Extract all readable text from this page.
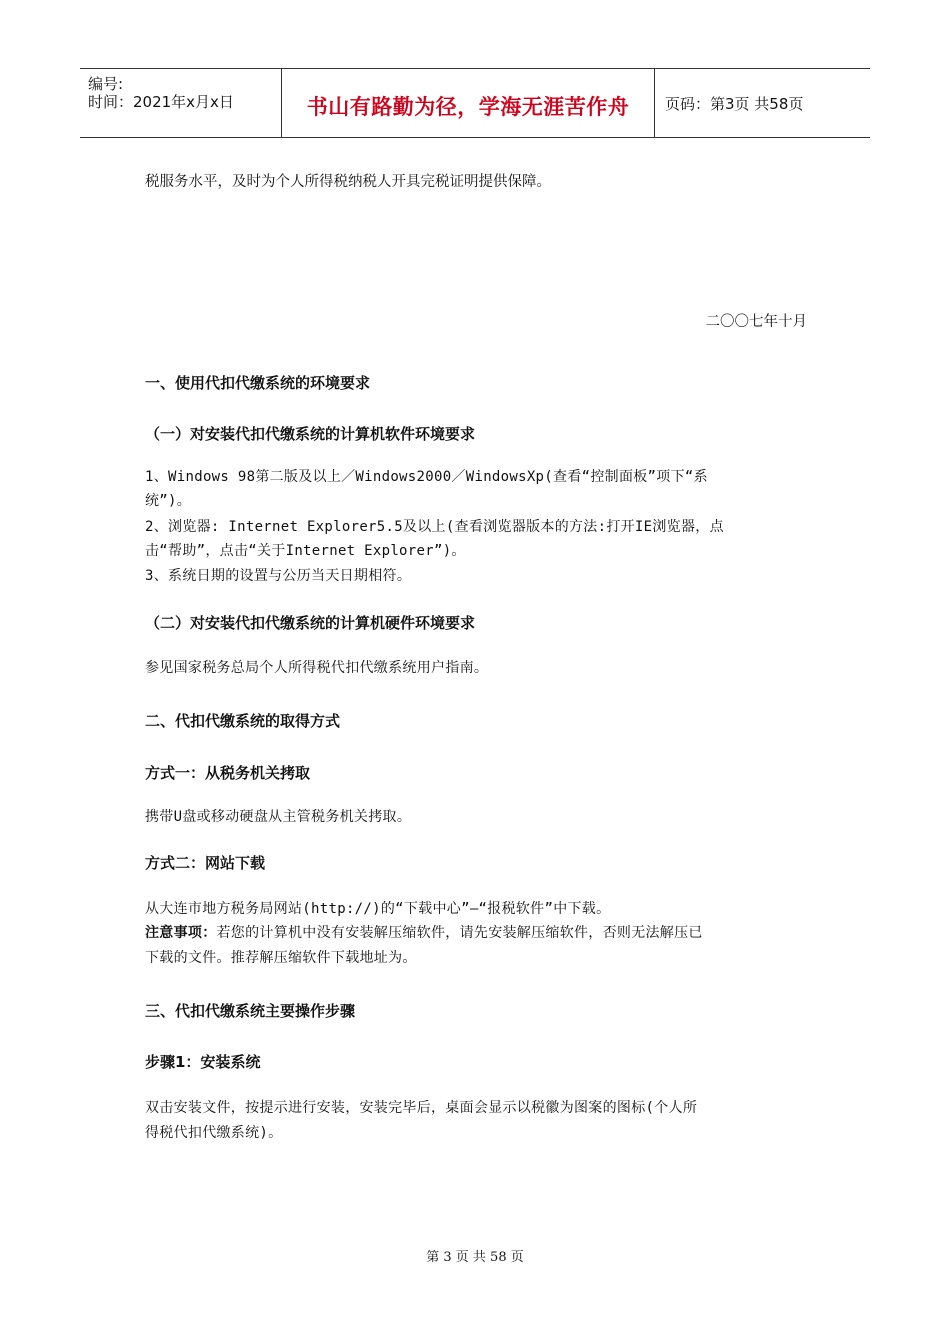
编号:
时间：2021年x月x日	书山有路勤为径，学海无涯苦作舟	页码：第3页 共58页

税服务水平，及时为个人所得税纳税人开具完税证明提供保障。

二〇〇七年十月

一、使用代扣代缴系统的环境要求

（一）对安装代扣代缴系统的计算机软件环境要求

1、Windows 98第二版及以上／Windows2000／WindowsXp(查看“控制面板”项下“系

统”)。

2、浏览器: Internet Explorer5.5及以上(查看浏览器版本的方法:打开IE浏览器，点

击“帮助”，点击“关于Internet Explorer”)。

3、系统日期的设置与公历当天日期相符。

（二）对安装代扣代缴系统的计算机硬件环境要求

参见国家税务总局个人所得税代扣代缴系统用户指南。

二、代扣代缴系统的取得方式

方式一：从税务机关拷取

携带U盘或移动硬盘从主管税务机关拷取。

方式二：网站下载

从大连市地方税务局网站(http://)的“下载中心”—“报税软件”中下载。

注意事项：若您的计算机中没有安装解压缩软件，请先安装解压缩软件，否则无法解压已

下载的文件。推荐解压缩软件下载地址为。

三、代扣代缴系统主要操作步骤

步骤1：安装系统

双击安装文件，按提示进行安装，安装完毕后，桌面会显示以税徽为图案的图标(个人所

得税代扣代缴系统)。

第 3 页 共 58 页
